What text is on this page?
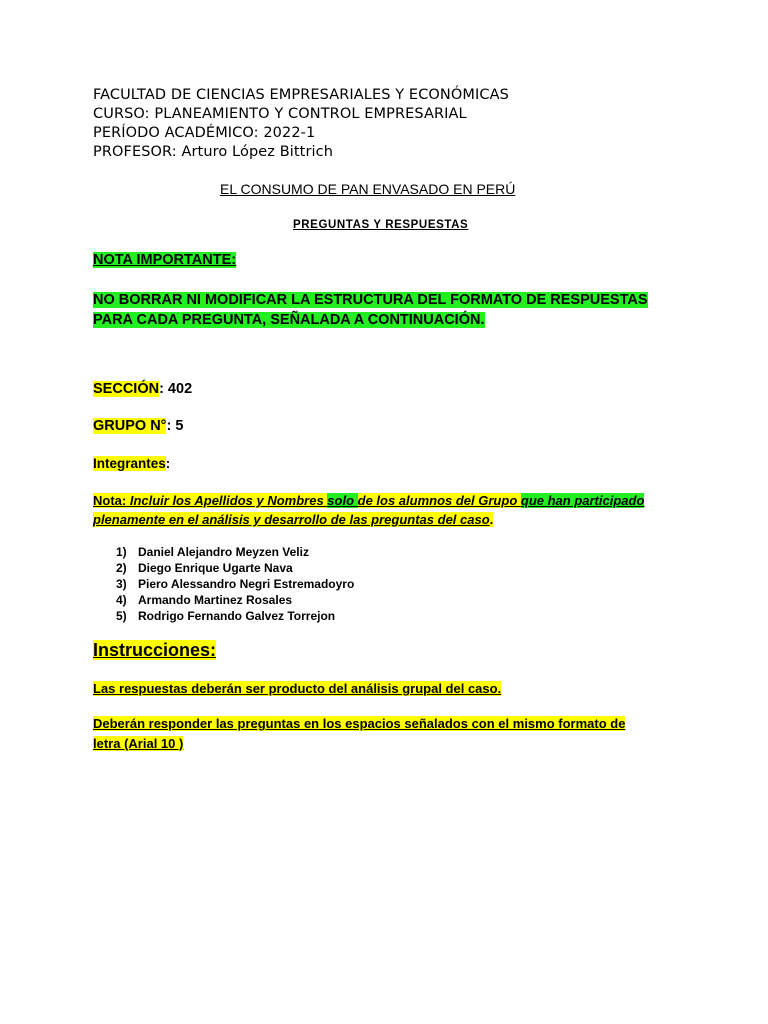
FACULTAD DE CIENCIAS EMPRESARIALES Y ECONÓMICAS
CURSO: PLANEAMIENTO Y CONTROL EMPRESARIAL
PERÍODO ACADÉMICO: 2022-1
PROFESOR: Arturo López Bittrich
EL CONSUMO DE PAN ENVASADO EN PERÚ
PREGUNTAS Y RESPUESTAS
NOTA IMPORTANTE:
NO BORRAR NI MODIFICAR LA ESTRUCTURA DEL FORMATO DE RESPUESTAS
PARA CADA PREGUNTA, SEÑALADA A CONTINUACIÓN.
SECCIÓN: 402
GRUPO N°: 5
Integrantes:
Nota: Incluir los Apellidos y Nombres solo de los alumnos del Grupo que han participado plenamente en el análisis y desarrollo de las preguntas del caso.
1) Daniel Alejandro Meyzen Veliz
2) Diego Enrique Ugarte Nava
3) Piero Alessandro Negri Estremadoyro
4) Armando Martinez Rosales
5) Rodrigo Fernando Galvez Torrejon
Instrucciones:
Las respuestas deberán ser producto del análisis grupal del caso.
Deberán responder las preguntas en los espacios señalados con el mismo formato de
letra (Arial 10 )
